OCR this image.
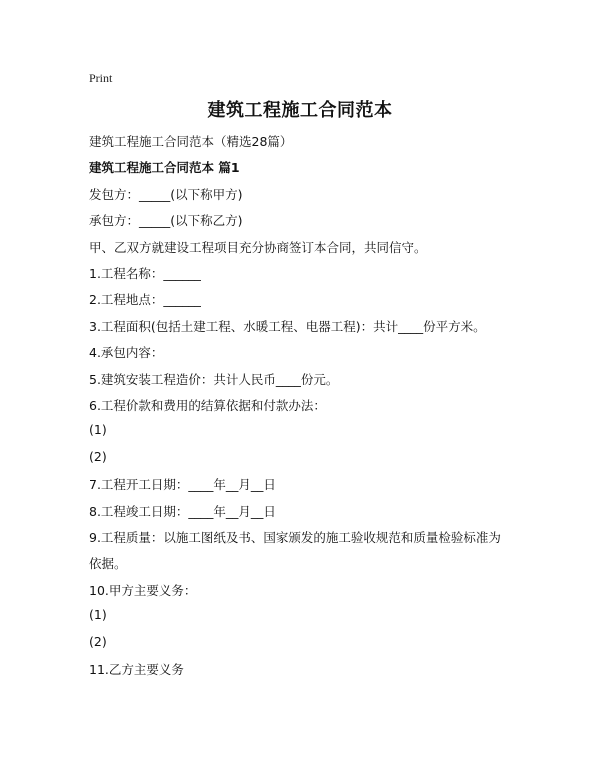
Print
建筑工程施工合同范本
建筑工程施工合同范本（精选28篇）
建筑工程施工合同范本 篇1
发包方：_____(以下称甲方)
承包方：_____(以下称乙方)
甲、乙双方就建设工程项目充分协商签订本合同，共同信守。
1.工程名称：______
2.工程地点：______
3.工程面积(包括土建工程、水暖工程、电器工程)：共计____份平方米。
4.承包内容：
5.建筑安装工程造价：共计人民币____份元。
6.工程价款和费用的结算依据和付款办法：
(1)
(2)
7.工程开工日期：____年__月__日
8.工程竣工日期：____年__月__日
9.工程质量：以施工图纸及书、国家颁发的施工验收规范和质量检验标准为
依据。
10.甲方主要义务：
(1)
(2)
11.乙方主要义务
